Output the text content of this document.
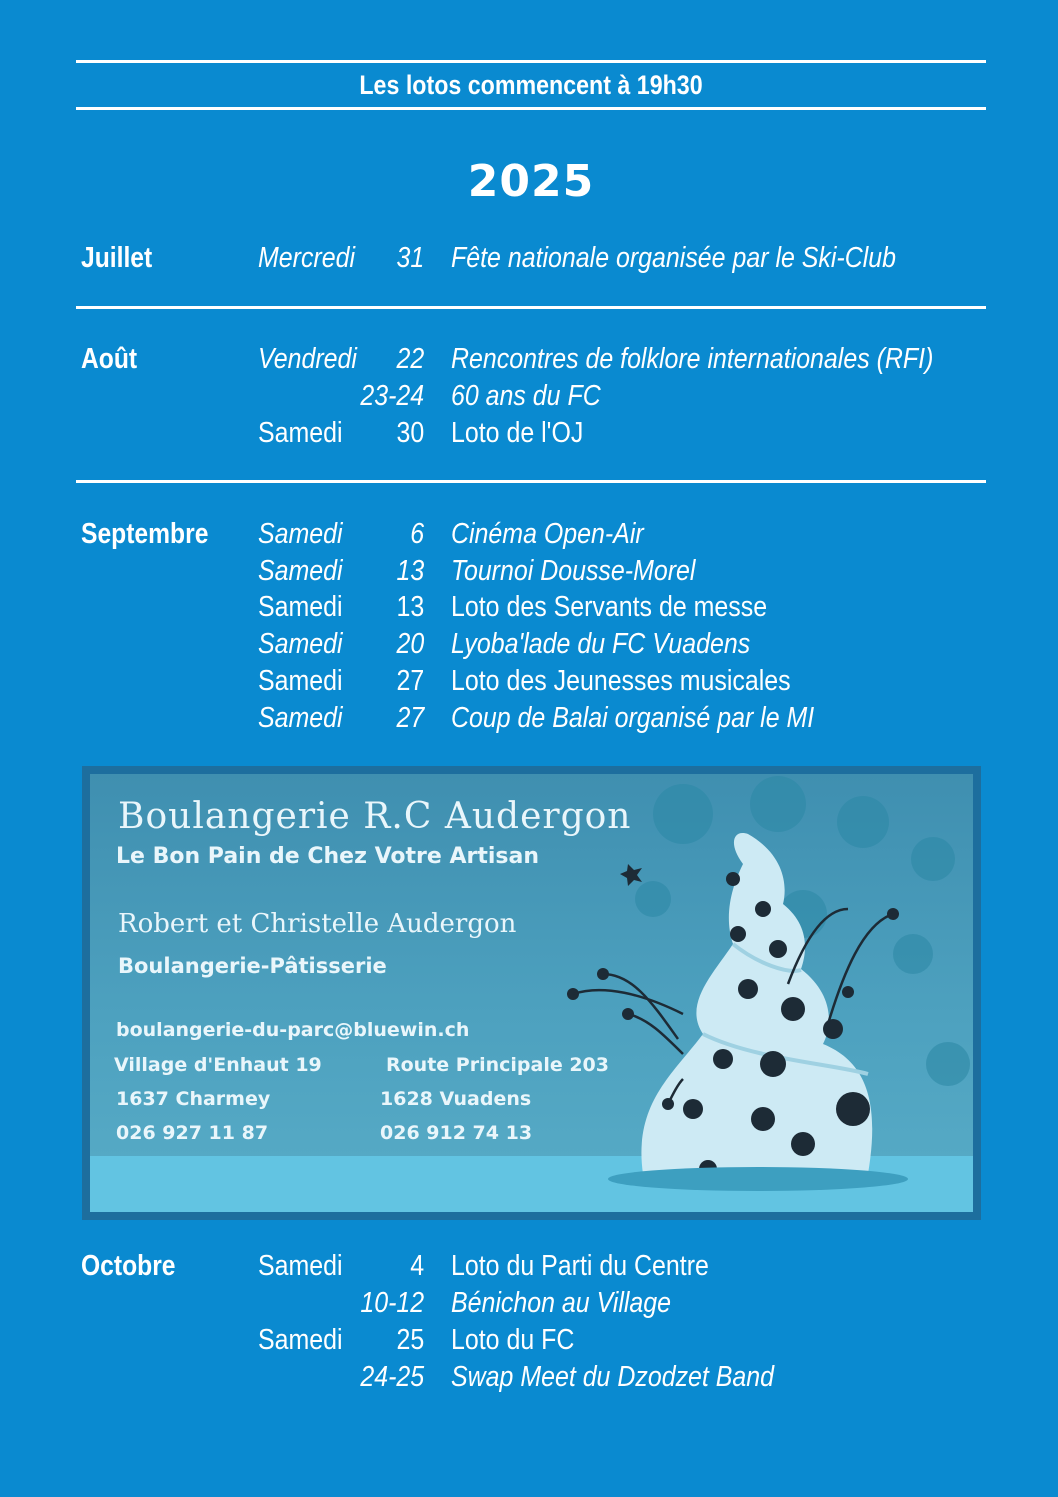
Les lotos commencent à 19h30
2025
Juillet	Mercredi 31 Fête nationale organisée par le Ski-Club
Août	Vendredi 22 Rencontres de folklore internationales (RFI)
23-24 60 ans du FC
Samedi 30 Loto de l'OJ
Septembre Samedi 6 Cinéma Open-Air
Samedi 13 Tournoi Dousse-Morel
Samedi 13 Loto des Servants de messe
Samedi 20 Lyoba'lade du FC Vuadens
Samedi 27 Loto des Jeunesses musicales
Samedi 27 Coup de Balai organisé par le MI
Boulangerie R.C Audergon
Le Bon Pain de Chez Votre Artisan
Robert et Christelle Audergon
Boulangerie-Pâtisserie
boulangerie-du-parc@bluewin.ch
Village d'Enhaut 19	Route Principale 203
1637 Charmey	1628 Vuadens
026 927 11 87	026 912 74 13
Octobre	Samedi 4 Loto du Parti du Centre
10-12 Bénichon au Village
Samedi 25 Loto du FC
24-25 Swap Meet du Dzodzet Band
